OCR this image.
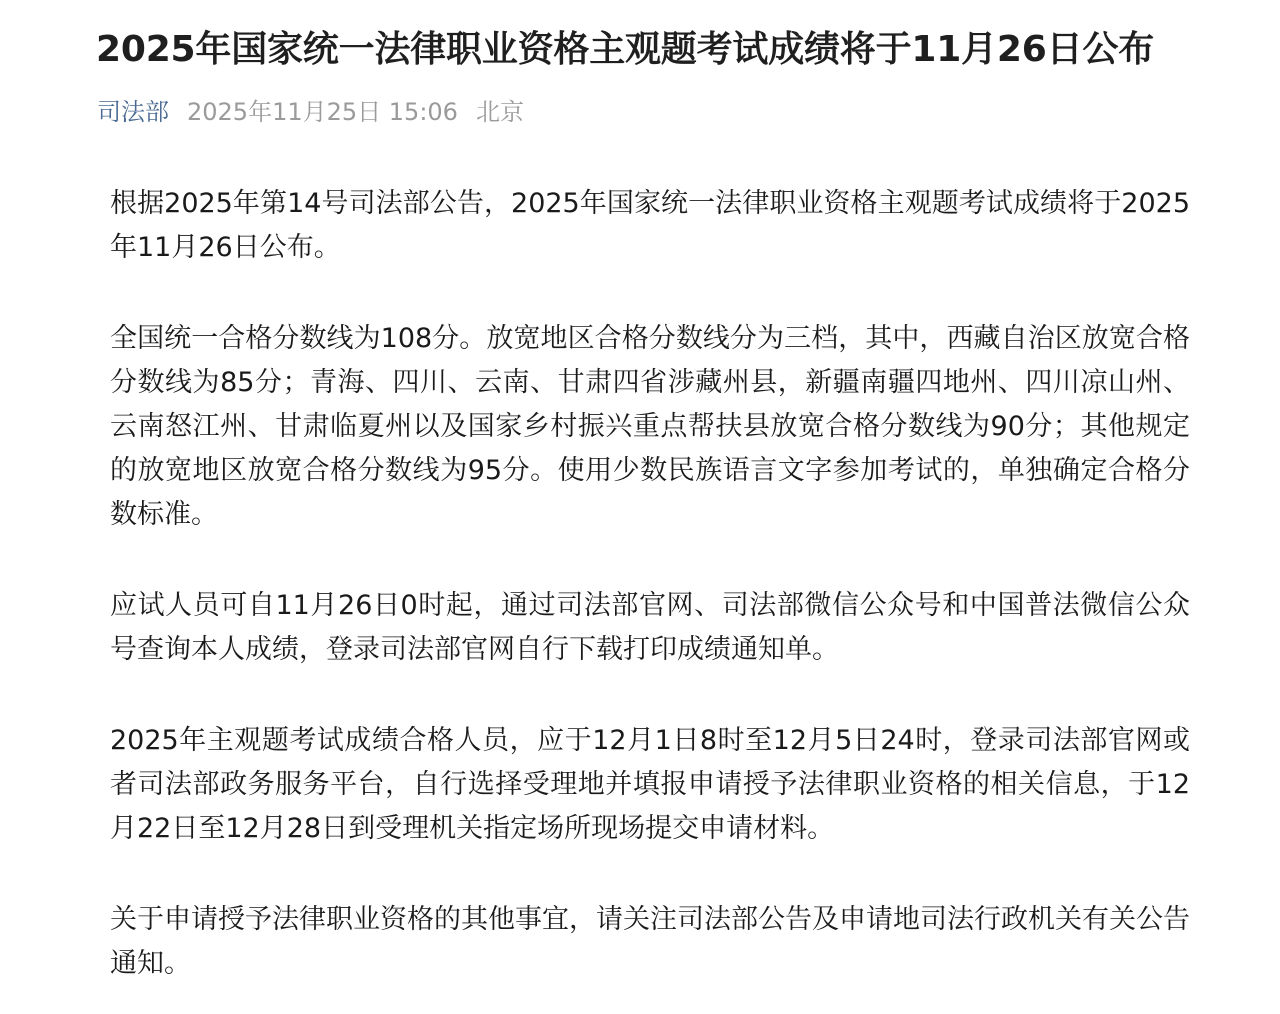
2025年国家统一法律职业资格主观题考试成绩将于11月26日公布
司法部 2025年11月25日 15:06 北京

根据2025年第14号司法部公告，2025年国家统一法律职业资格主观题考试成绩将于2025年11月26日公布。

全国统一合格分数线为108分。放宽地区合格分数线分为三档，其中，西藏自治区放宽合格分数线为85分；青海、四川、云南、甘肃四省涉藏州县，新疆南疆四地州、四川凉山州、云南怒江州、甘肃临夏州以及国家乡村振兴重点帮扶县放宽合格分数线为90分；其他规定的放宽地区放宽合格分数线为95分。使用少数民族语言文字参加考试的，单独确定合格分数标准。

应试人员可自11月26日0时起，通过司法部官网、司法部微信公众号和中国普法微信公众号查询本人成绩，登录司法部官网自行下载打印成绩通知单。

2025年主观题考试成绩合格人员，应于12月1日8时至12月5日24时，登录司法部官网或者司法部政务服务平台，自行选择受理地并填报申请授予法律职业资格的相关信息，于12月22日至12月28日到受理机关指定场所现场提交申请材料。

关于申请授予法律职业资格的其他事宜，请关注司法部公告及申请地司法行政机关有关公告通知。
